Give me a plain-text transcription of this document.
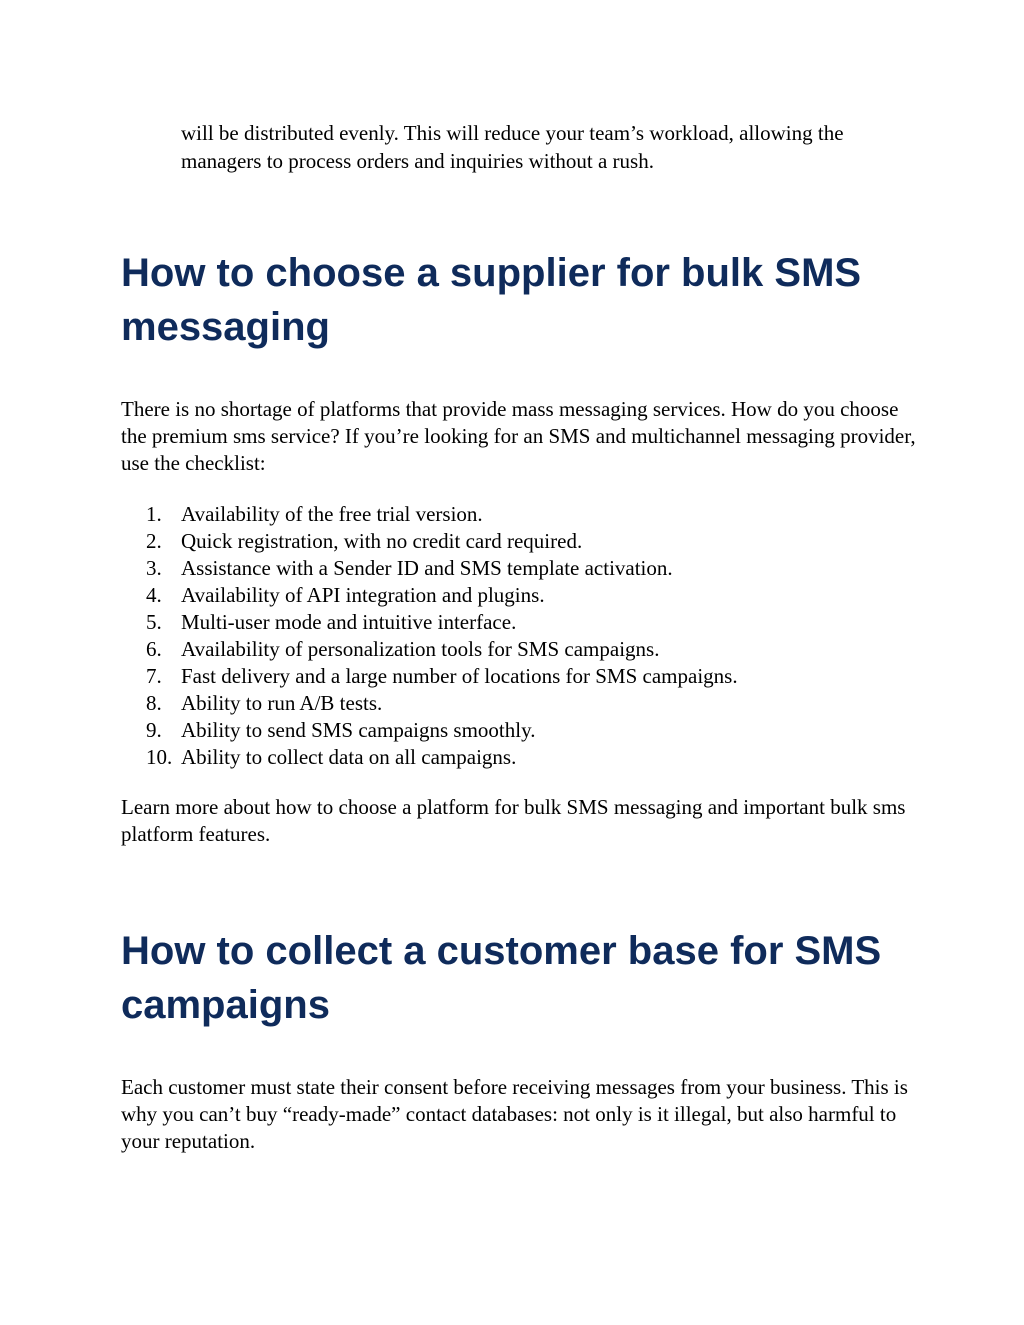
will be distributed evenly. This will reduce your team’s workload, allowing the managers to process orders and inquiries without a rush.

How to choose a supplier for bulk SMS messaging

There is no shortage of platforms that provide mass messaging services. How do you choose the premium sms service? If you’re looking for an SMS and multichannel messaging provider, use the checklist:

1. Availability of the free trial version.
2. Quick registration, with no credit card required.
3. Assistance with a Sender ID and SMS template activation.
4. Availability of API integration and plugins.
5. Multi-user mode and intuitive interface.
6. Availability of personalization tools for SMS campaigns.
7. Fast delivery and a large number of locations for SMS campaigns.
8. Ability to run A/B tests.
9. Ability to send SMS campaigns smoothly.
10. Ability to collect data on all campaigns.

Learn more about how to choose a platform for bulk SMS messaging and important bulk sms platform features.

How to collect a customer base for SMS campaigns

Each customer must state their consent before receiving messages from your business. This is why you can’t buy “ready-made” contact databases: not only is it illegal, but also harmful to your reputation.
